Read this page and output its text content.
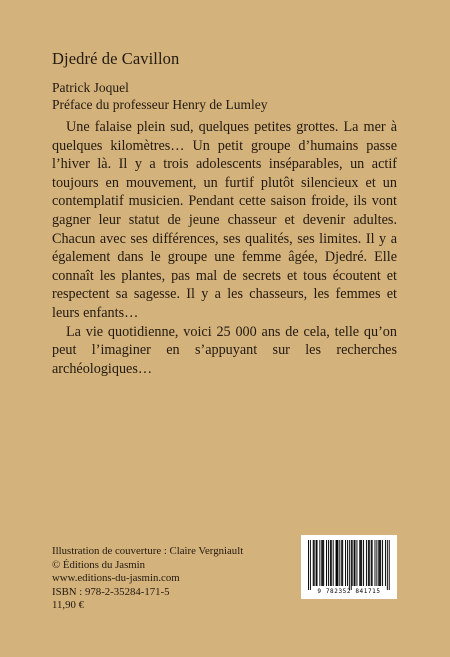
Djedré de Cavillon
Patrick Joquel
Préface du professeur Henry de Lumley

Une falaise plein sud, quelques petites grottes. La mer à quelques kilomètres… Un petit groupe d’humains passe l’hiver là. Il y a trois adolescents inséparables, un actif toujours en mouvement, un furtif plutôt silencieux et un contemplatif musicien. Pendant cette saison froide, ils vont gagner leur statut de jeune chasseur et devenir adultes. Chacun avec ses différences, ses qualités, ses limites. Il y a également dans le groupe une femme âgée, Djedré. Elle connaît les plantes, pas mal de secrets et tous écoutent et respectent sa sagesse. Il y a les chasseurs, les femmes et leurs enfants…

La vie quotidienne, voici 25 000 ans de cela, telle qu’on peut l’imaginer en s’appuyant sur les recherches archéologiques…

Illustration de couverture : Claire Vergniault
© Éditions du Jasmin
www.editions-du-jasmin.com
ISBN : 978-2-35284-171-5
11,90 €
9 782352 841715
